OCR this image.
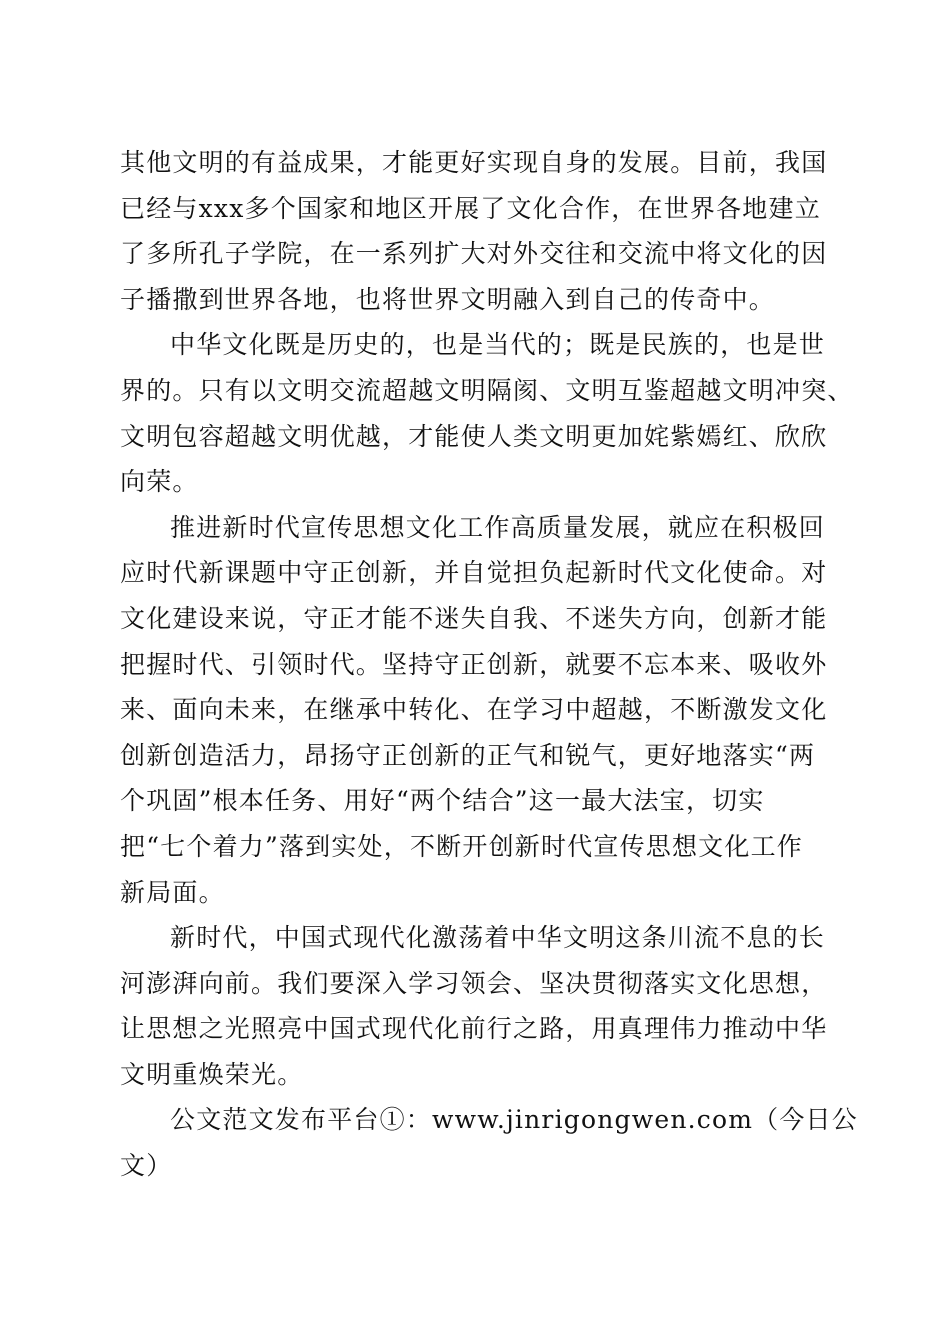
其他文明的有益成果，才能更好实现自身的发展。目前，我国
已经与xxx多个国家和地区开展了文化合作，在世界各地建立
了多所孔子学院，在一系列扩大对外交往和交流中将文化的因
子播撒到世界各地，也将世界文明融入到自己的传奇中。
中华文化既是历史的，也是当代的；既是民族的，也是世
界的。只有以文明交流超越文明隔阂、文明互鉴超越文明冲突、
文明包容超越文明优越，才能使人类文明更加姹紫嫣红、欣欣
向荣。
推进新时代宣传思想文化工作高质量发展，就应在积极回
应时代新课题中守正创新，并自觉担负起新时代文化使命。对
文化建设来说，守正才能不迷失自我、不迷失方向，创新才能
把握时代、引领时代。坚持守正创新，就要不忘本来、吸收外
来、面向未来，在继承中转化、在学习中超越，不断激发文化
创新创造活力，昂扬守正创新的正气和锐气，更好地落实“两
个巩固”根本任务、用好“两个结合”这一最大法宝，切实
把“七个着力”落到实处，不断开创新时代宣传思想文化工作
新局面。
新时代，中国式现代化激荡着中华文明这条川流不息的长
河澎湃向前。我们要深入学习领会、坚决贯彻落实文化思想，
让思想之光照亮中国式现代化前行之路，用真理伟力推动中华
文明重焕荣光。
公文范文发布平台①：www.jinrigongwen.com（今日公
文）
